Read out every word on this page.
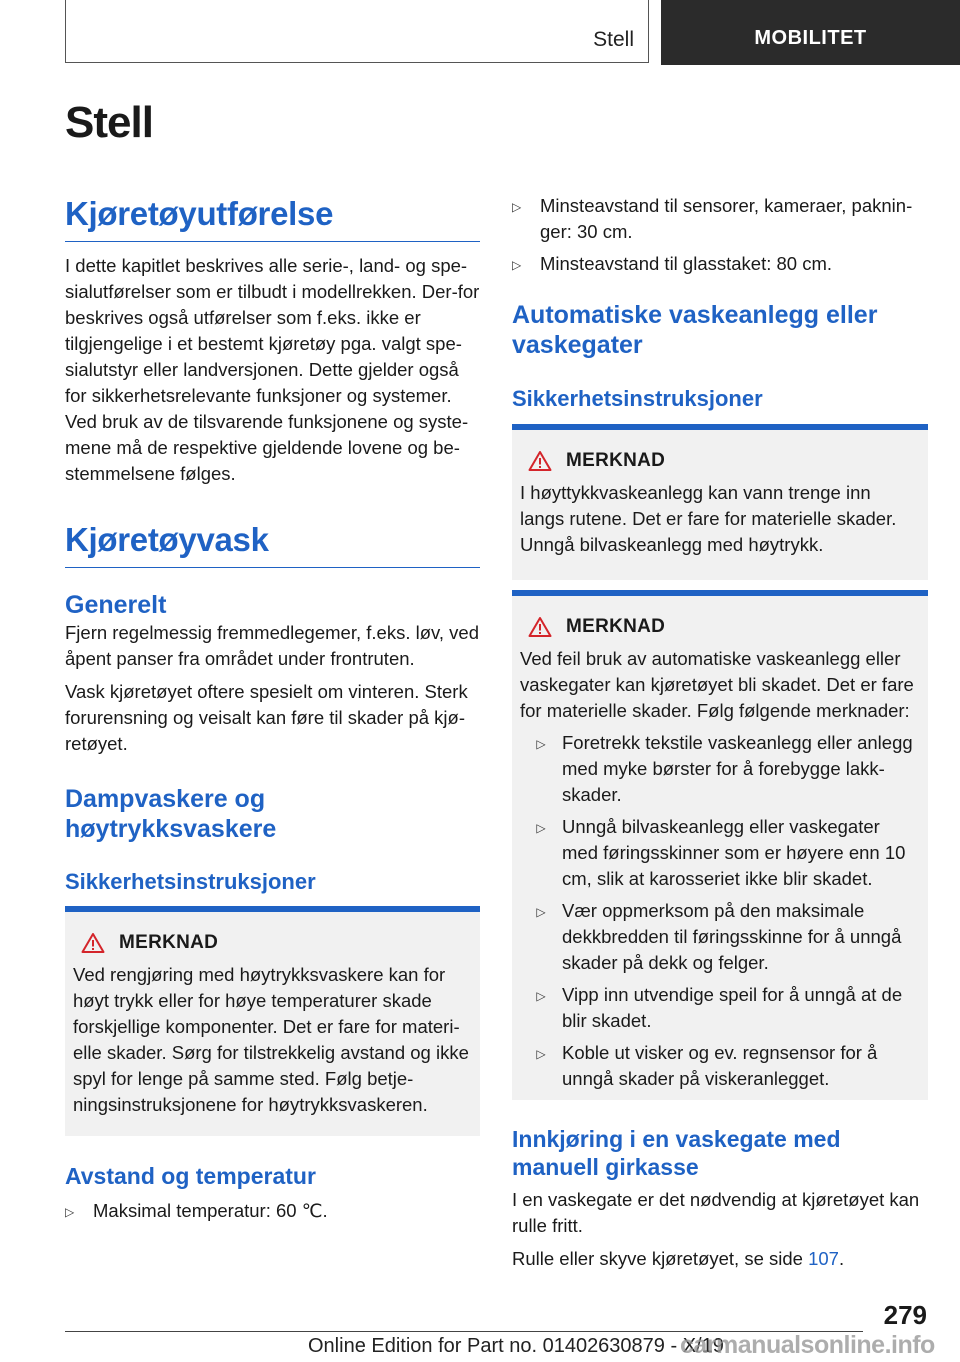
Stell	MOBILITET
Stell
Kjøretøyutførelse

I dette kapitlet beskrives alle serie-, land- og spe-sialutførelser som er tilbudt i modellrekken. Der-for beskrives også utførelser som f.eks. ikke er tilgjengelige i et bestemt kjøretøy pga. valgt spe-sialutstyr eller landversjonen. Dette gjelder også for sikkerhetsrelevante funksjoner og systemer. Ved bruk av de tilsvarende funksjonene og syste-mene må de respektive gjeldende lovene og be-stemmelsene følges.

Kjøretøyvask
Generelt

Fjern regelmessig fremmedlegemer, f.eks. løv, ved åpent panser fra området under frontruten.

Vask kjøretøyet oftere spesielt om vinteren. Sterk forurensning og veisalt kan føre til skader på kjø-retøyet.

Dampvaskere og høytrykksvaskere
Sikkerhetsinstruksjoner
MERKNAD

Ved rengjøring med høytrykksvaskere kan for høyt trykk eller for høye temperaturer skade forskjellige komponenter. Det er fare for materi-elle skader. Sørg for tilstrekkelig avstand og ikke spyl for lenge på samme sted. Følg betje-ningsinstruksjonene for høytrykksvaskeren.

Avstand og temperatur
▷	Maksimal temperatur: 60 ℃.
▷	Minsteavstand til sensorer, kameraer, paknin-ger: 30 cm.
▷	Minsteavstand til glasstaket: 80 cm.
Automatiske vaskeanlegg eller vaskegater
Sikkerhetsinstruksjoner
MERKNAD

I høyttykkvaskeanlegg kan vann trenge inn langs rutene. Det er fare for materielle skader. Unngå bilvaskeanlegg med høytrykk.

MERKNAD

Ved feil bruk av automatiske vaskeanlegg eller vaskegater kan kjøretøyet bli skadet. Det er fare for materielle skader. Følg følgende merknader:

▷ Foretrekk tekstile vaskeanlegg eller anlegg med myke børster for å forebygge lakk-skader.
▷ Unngå bilvaskeanlegg eller vaskegater med føringsskinner som er høyere enn 10 cm, slik at karosseriet ikke blir skadet.
▷ Vær oppmerksom på den maksimale dekkbredden til føringsskinne for å unngå skader på dekk og felger.
▷ Vipp inn utvendige speil for å unngå at de blir skadet.
▷ Koble ut visker og ev. regnsensor for å unngå skader på viskeranlegget.
Innkjøring i en vaskegate med manuell girkasse

I en vaskegate er det nødvendig at kjøretøyet kan rulle fritt.

Rulle eller skyve kjøretøyet, se side 107.

279
Online Edition for Part no. 01402630879 - X/19
carmanualsonline.info
